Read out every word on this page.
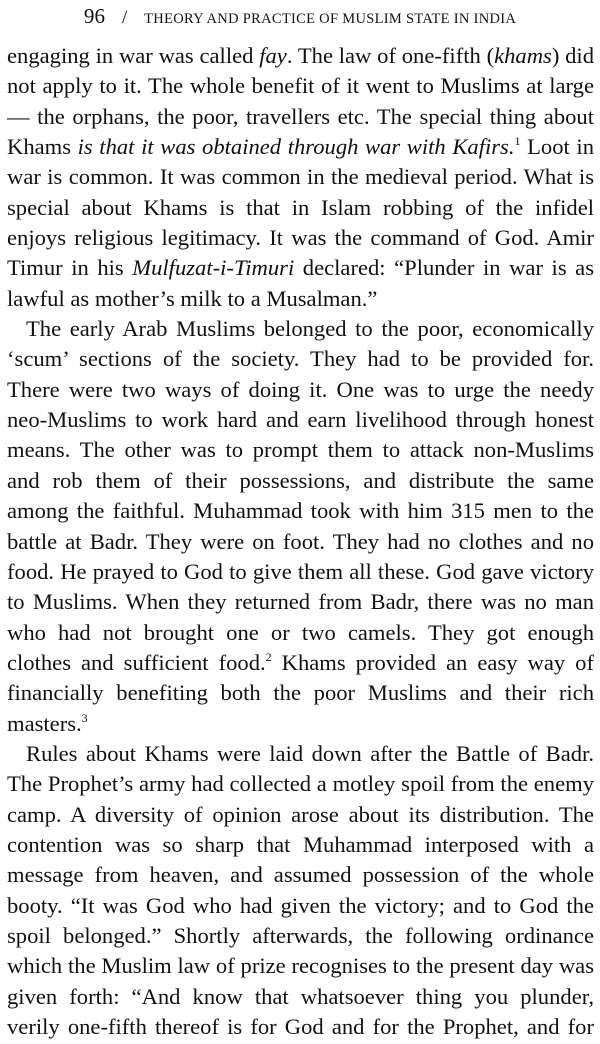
96 / THEORY AND PRACTICE OF MUSLIM STATE IN INDIA

engaging in war was called fay. The law of one-fifth (khams) did not apply to it. The whole benefit of it went to Muslims at large — the orphans, the poor, travellers etc. The special thing about Khams is that it was obtained through war with Kafirs.$^1$ Loot in war is common. It was common in the medieval period. What is special about Khams is that in Islam robbing of the infidel enjoys religious legitimacy. It was the command of God. Amir Timur in his Mulfuzat-i-Timuri declared: “Plunder in war is as lawful as mother’s milk to a Musalman.”

The early Arab Muslims belonged to the poor, economically ‘scum’ sections of the society. They had to be provided for. There were two ways of doing it. One was to urge the needy neo-Muslims to work hard and earn livelihood through honest means. The other was to prompt them to attack non-Muslims and rob them of their possessions, and distribute the same among the faithful. Muhammad took with him 315 men to the battle at Badr. They were on foot. They had no clothes and no food. He prayed to God to give them all these. God gave victory to Muslims. When they returned from Badr, there was no man who had not brought one or two camels. They got enough clothes and sufficient food.$^2$ Khams provided an easy way of financially benefiting both the poor Muslims and their rich masters.$^3$

Rules about Khams were laid down after the Battle of Badr. The Prophet’s army had collected a motley spoil from the enemy camp. A diversity of opinion arose about its distribution. The contention was so sharp that Muhammad interposed with a message from heaven, and assumed possession of the whole booty. “It was God who had given the victory; and to God the spoil belonged.” Shortly afterwards, the following ordinance which the Muslim law of prize recognises to the present day was given forth: “And know that whatsoever thing you plunder, verily one-fifth thereof is for God and for the Prophet, and for
